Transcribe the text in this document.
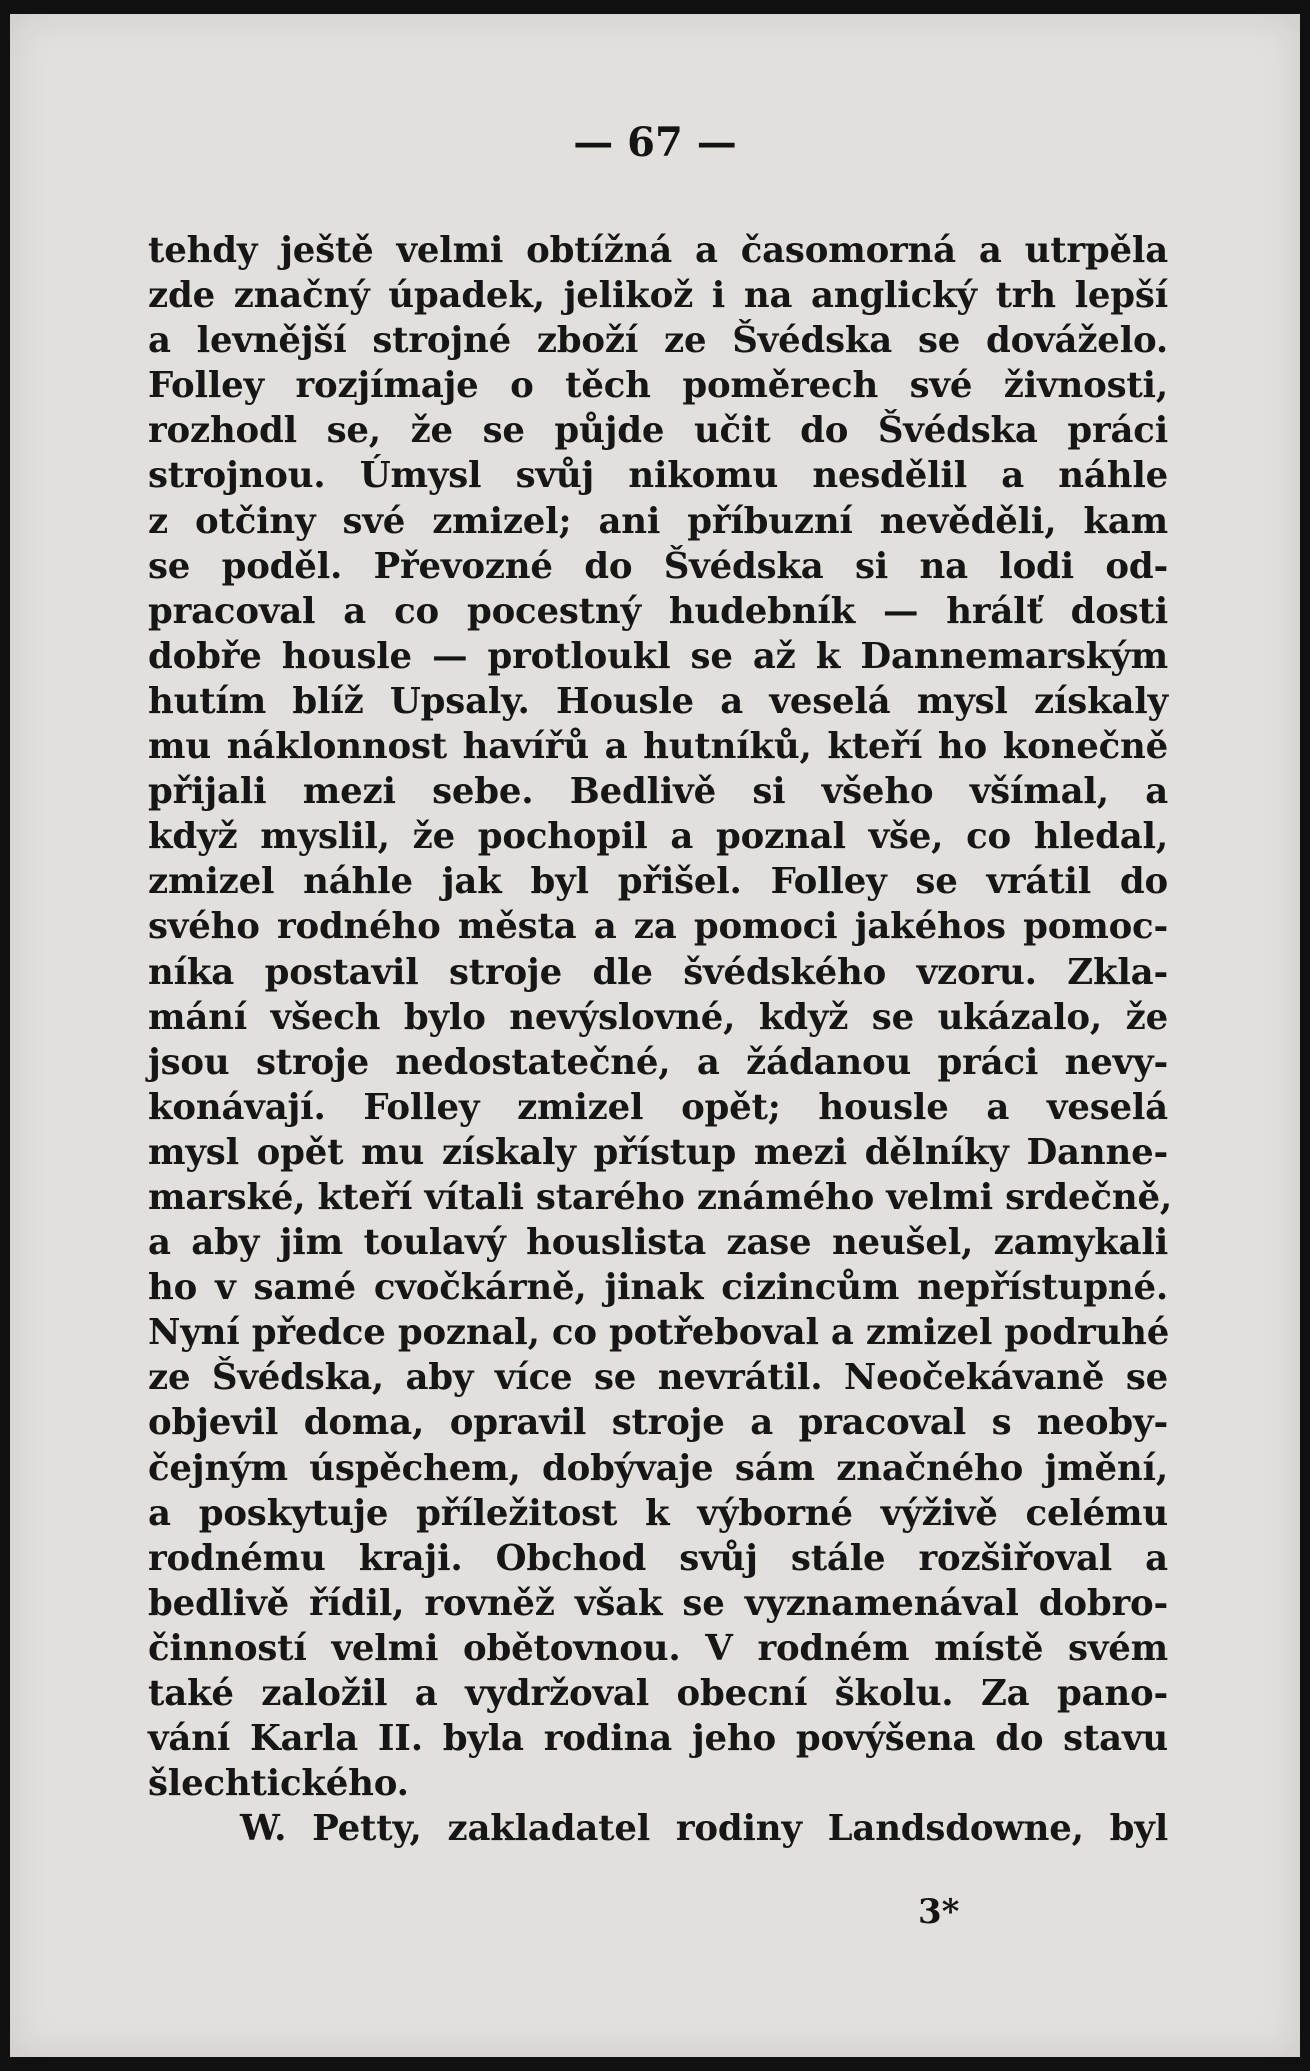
— 67 —
tehdy ještě velmi obtížná a časomorná a utrpěla
zde značný úpadek, jelikož i na anglický trh lepší
a levnější strojné zboží ze Švédska se dováželo.
Folley rozjímaje o těch poměrech své živnosti,
rozhodl se, že se půjde učit do Švédska práci
strojnou. Úmysl svůj nikomu nesdělil a náhle
z otčiny své zmizel; ani příbuzní nevěděli, kam
se poděl. Převozné do Švédska si na lodi od-
pracoval a co pocestný hudebník — hrálť dosti
dobře housle — protloukl se až k Dannemarským
hutím blíž Upsaly. Housle a veselá mysl získaly
mu náklonnost havířů a hutníků, kteří ho konečně
přijali mezi sebe. Bedlivě si všeho všímal, a
když myslil, že pochopil a poznal vše, co hledal,
zmizel náhle jak byl přišel. Folley se vrátil do
svého rodného města a za pomoci jakéhos pomoc-
níka postavil stroje dle švédského vzoru. Zkla-
mání všech bylo nevýslovné, když se ukázalo, že
jsou stroje nedostatečné, a žádanou práci nevy-
konávají. Folley zmizel opět; housle a veselá
mysl opět mu získaly přístup mezi dělníky Danne-
marské, kteří vítali starého známého velmi srdečně,
a aby jim toulavý houslista zase neušel, zamykali
ho v samé cvočkárně, jinak cizincům nepřístupné.
Nyní předce poznal, co potřeboval a zmizel podruhé
ze Švédska, aby více se nevrátil. Neočekávaně se
objevil doma, opravil stroje a pracoval s neoby-
čejným úspěchem, dobývaje sám značného jmění,
a poskytuje příležitost k výborné výživě celému
rodnému kraji. Obchod svůj stále rozšiřoval a
bedlivě řídil, rovněž však se vyznamenával dobro-
činností velmi obětovnou. V rodném místě svém
také založil a vydržoval obecní školu. Za pano-
vání Karla II. byla rodina jeho povýšena do stavu
šlechtického.
W. Petty, zakladatel rodiny Landsdowne, byl
3*
